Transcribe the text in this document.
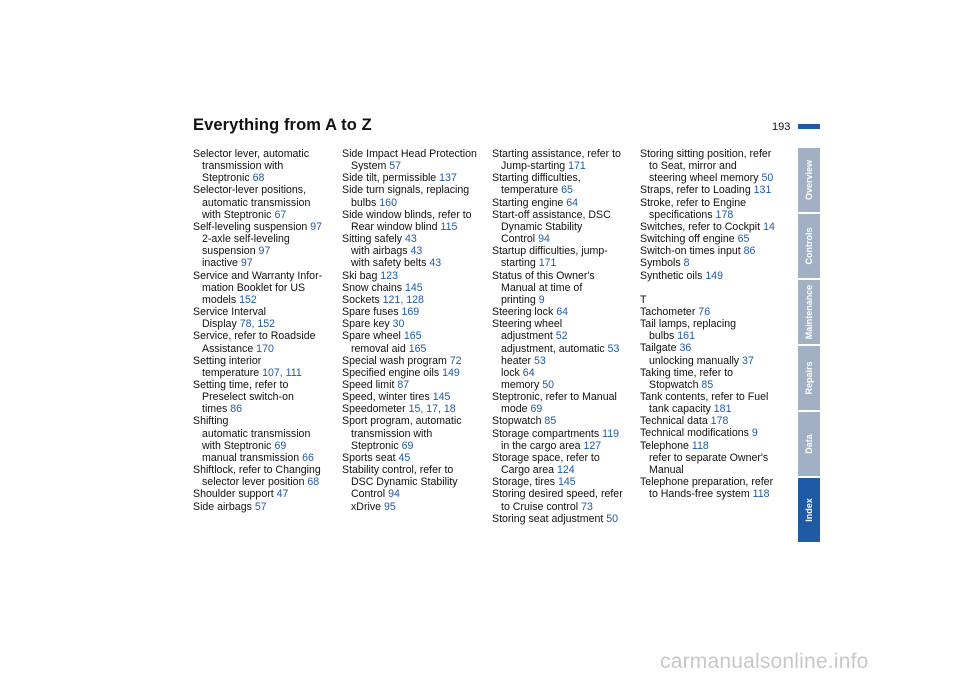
Everything from A to Z	193
Selector lever, automatic
transmission with
Steptronic 68
Selector-lever positions,
automatic transmission
with Steptronic 67
Self-leveling suspension 97
2-axle self-leveling
suspension 97
inactive 97
Service and Warranty Infor-
mation Booklet for US
models 152
Service Interval
Display 78, 152
Service, refer to Roadside
Assistance 170
Setting interior
temperature 107, 111
Setting time, refer to
Preselect switch-on
times 86
Shifting
automatic transmission
with Steptronic 69
manual transmission 66
Shiftlock, refer to Changing
selector lever position 68
Shoulder support 47
Side airbags 57
Side Impact Head Protection
System 57
Side tilt, permissible 137
Side turn signals, replacing
bulbs 160
Side window blinds, refer to
Rear window blind 115
Sitting safely 43
with airbags 43
with safety belts 43
Ski bag 123
Snow chains 145
Sockets 121, 128
Spare fuses 169
Spare key 30
Spare wheel 165
removal aid 165
Special wash program 72
Specified engine oils 149
Speed limit 87
Speed, winter tires 145
Speedometer 15, 17, 18
Sport program, automatic
transmission with
Steptronic 69
Sports seat 45
Stability control, refer to
DSC Dynamic Stability
Control 94
xDrive 95
Starting assistance, refer to
Jump-starting 171
Starting difficulties,
temperature 65
Starting engine 64
Start-off assistance, DSC
Dynamic Stability
Control 94
Startup difficulties, jump-
starting 171
Status of this Owner's
Manual at time of
printing 9
Steering lock 64
Steering wheel
adjustment 52
adjustment, automatic 53
heater 53
lock 64
memory 50
Steptronic, refer to Manual
mode 69
Stopwatch 85
Storage compartments 119
in the cargo area 127
Storage space, refer to
Cargo area 124
Storage, tires 145
Storing desired speed, refer
to Cruise control 73
Storing seat adjustment 50
Storing sitting position, refer
to Seat, mirror and
steering wheel memory 50
Straps, refer to Loading 131
Stroke, refer to Engine
specifications 178
Switches, refer to Cockpit 14
Switching off engine 65
Switch-on times input 86
Symbols 8
Synthetic oils 149
T
Tachometer 76
Tail lamps, replacing
bulbs 161
Tailgate 36
unlocking manually 37
Taking time, refer to
Stopwatch 85
Tank contents, refer to Fuel
tank capacity 181
Technical data 178
Technical modifications 9
Telephone 118
refer to separate Owner's
Manual
Telephone preparation, refer
to Hands-free system 118
Overview
Controls
Maintenance
Repairs
Data
Index
carmanualsonline.info
